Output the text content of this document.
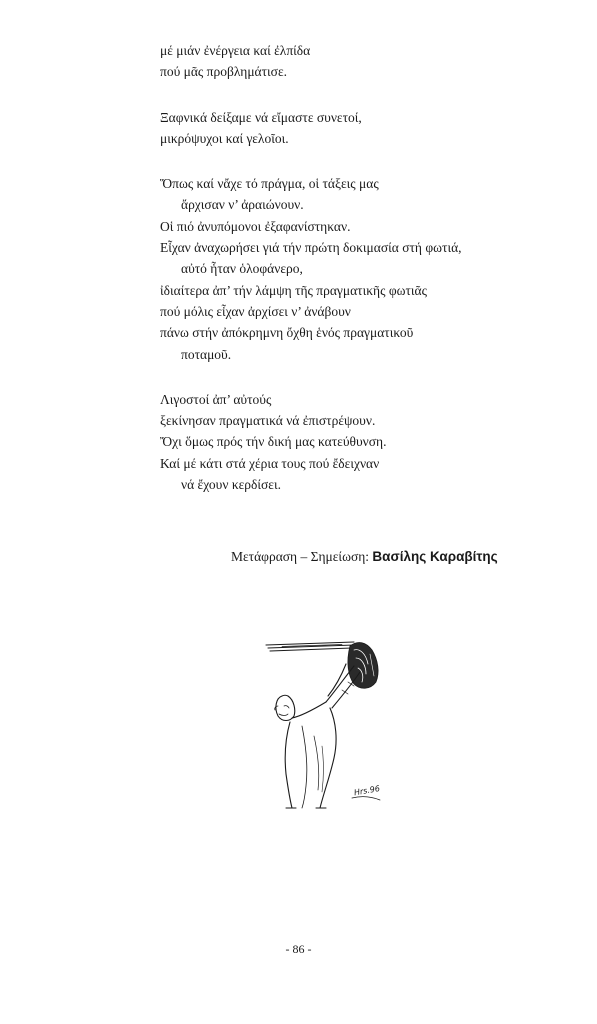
μέ μιάν ἐνέργεια καί ἐλπίδα
πού μᾶς προβλημάτισε.
Ξαφνικά δείξαμε νά εἴμαστε συνετοί,
μικρόψυχοι καί γελοῖοι.
Ὅπως καί νἄχε τό πράγμα, οἱ τάξεις μας
ἄρχισαν ν’ ἀραιώνουν.
Οἱ πιό ἀνυπόμονοι ἐξαφανίστηκαν.
Εἶχαν ἀναχωρήσει γιά τήν πρώτη δοκιμασία στή φωτιά,
αὐτό ἦταν ὁλοφάνερο,
ἰδιαίτερα ἀπ’ τήν λάμψη τῆς πραγματικῆς φωτιᾶς
πού μόλις εἶχαν ἀρχίσει ν’ ἀνάβουν
πάνω στήν ἀπόκρημνη ὄχθη ἑνός πραγματικοῦ
ποταμοῦ.
Λιγοστοί ἀπ’ αὐτούς
ξεκίνησαν πραγματικά νά ἐπιστρέψουν.
Ὄχι ὅμως πρός τήν δική μας κατεύθυνση.
Καί μέ κάτι στά χέρια τους πού ἔδειχναν
νά ἔχουν κερδίσει.
Μετάφραση – Σημείωση: Βασίλης Καραβίτης
Hrs.96
- 86 -
